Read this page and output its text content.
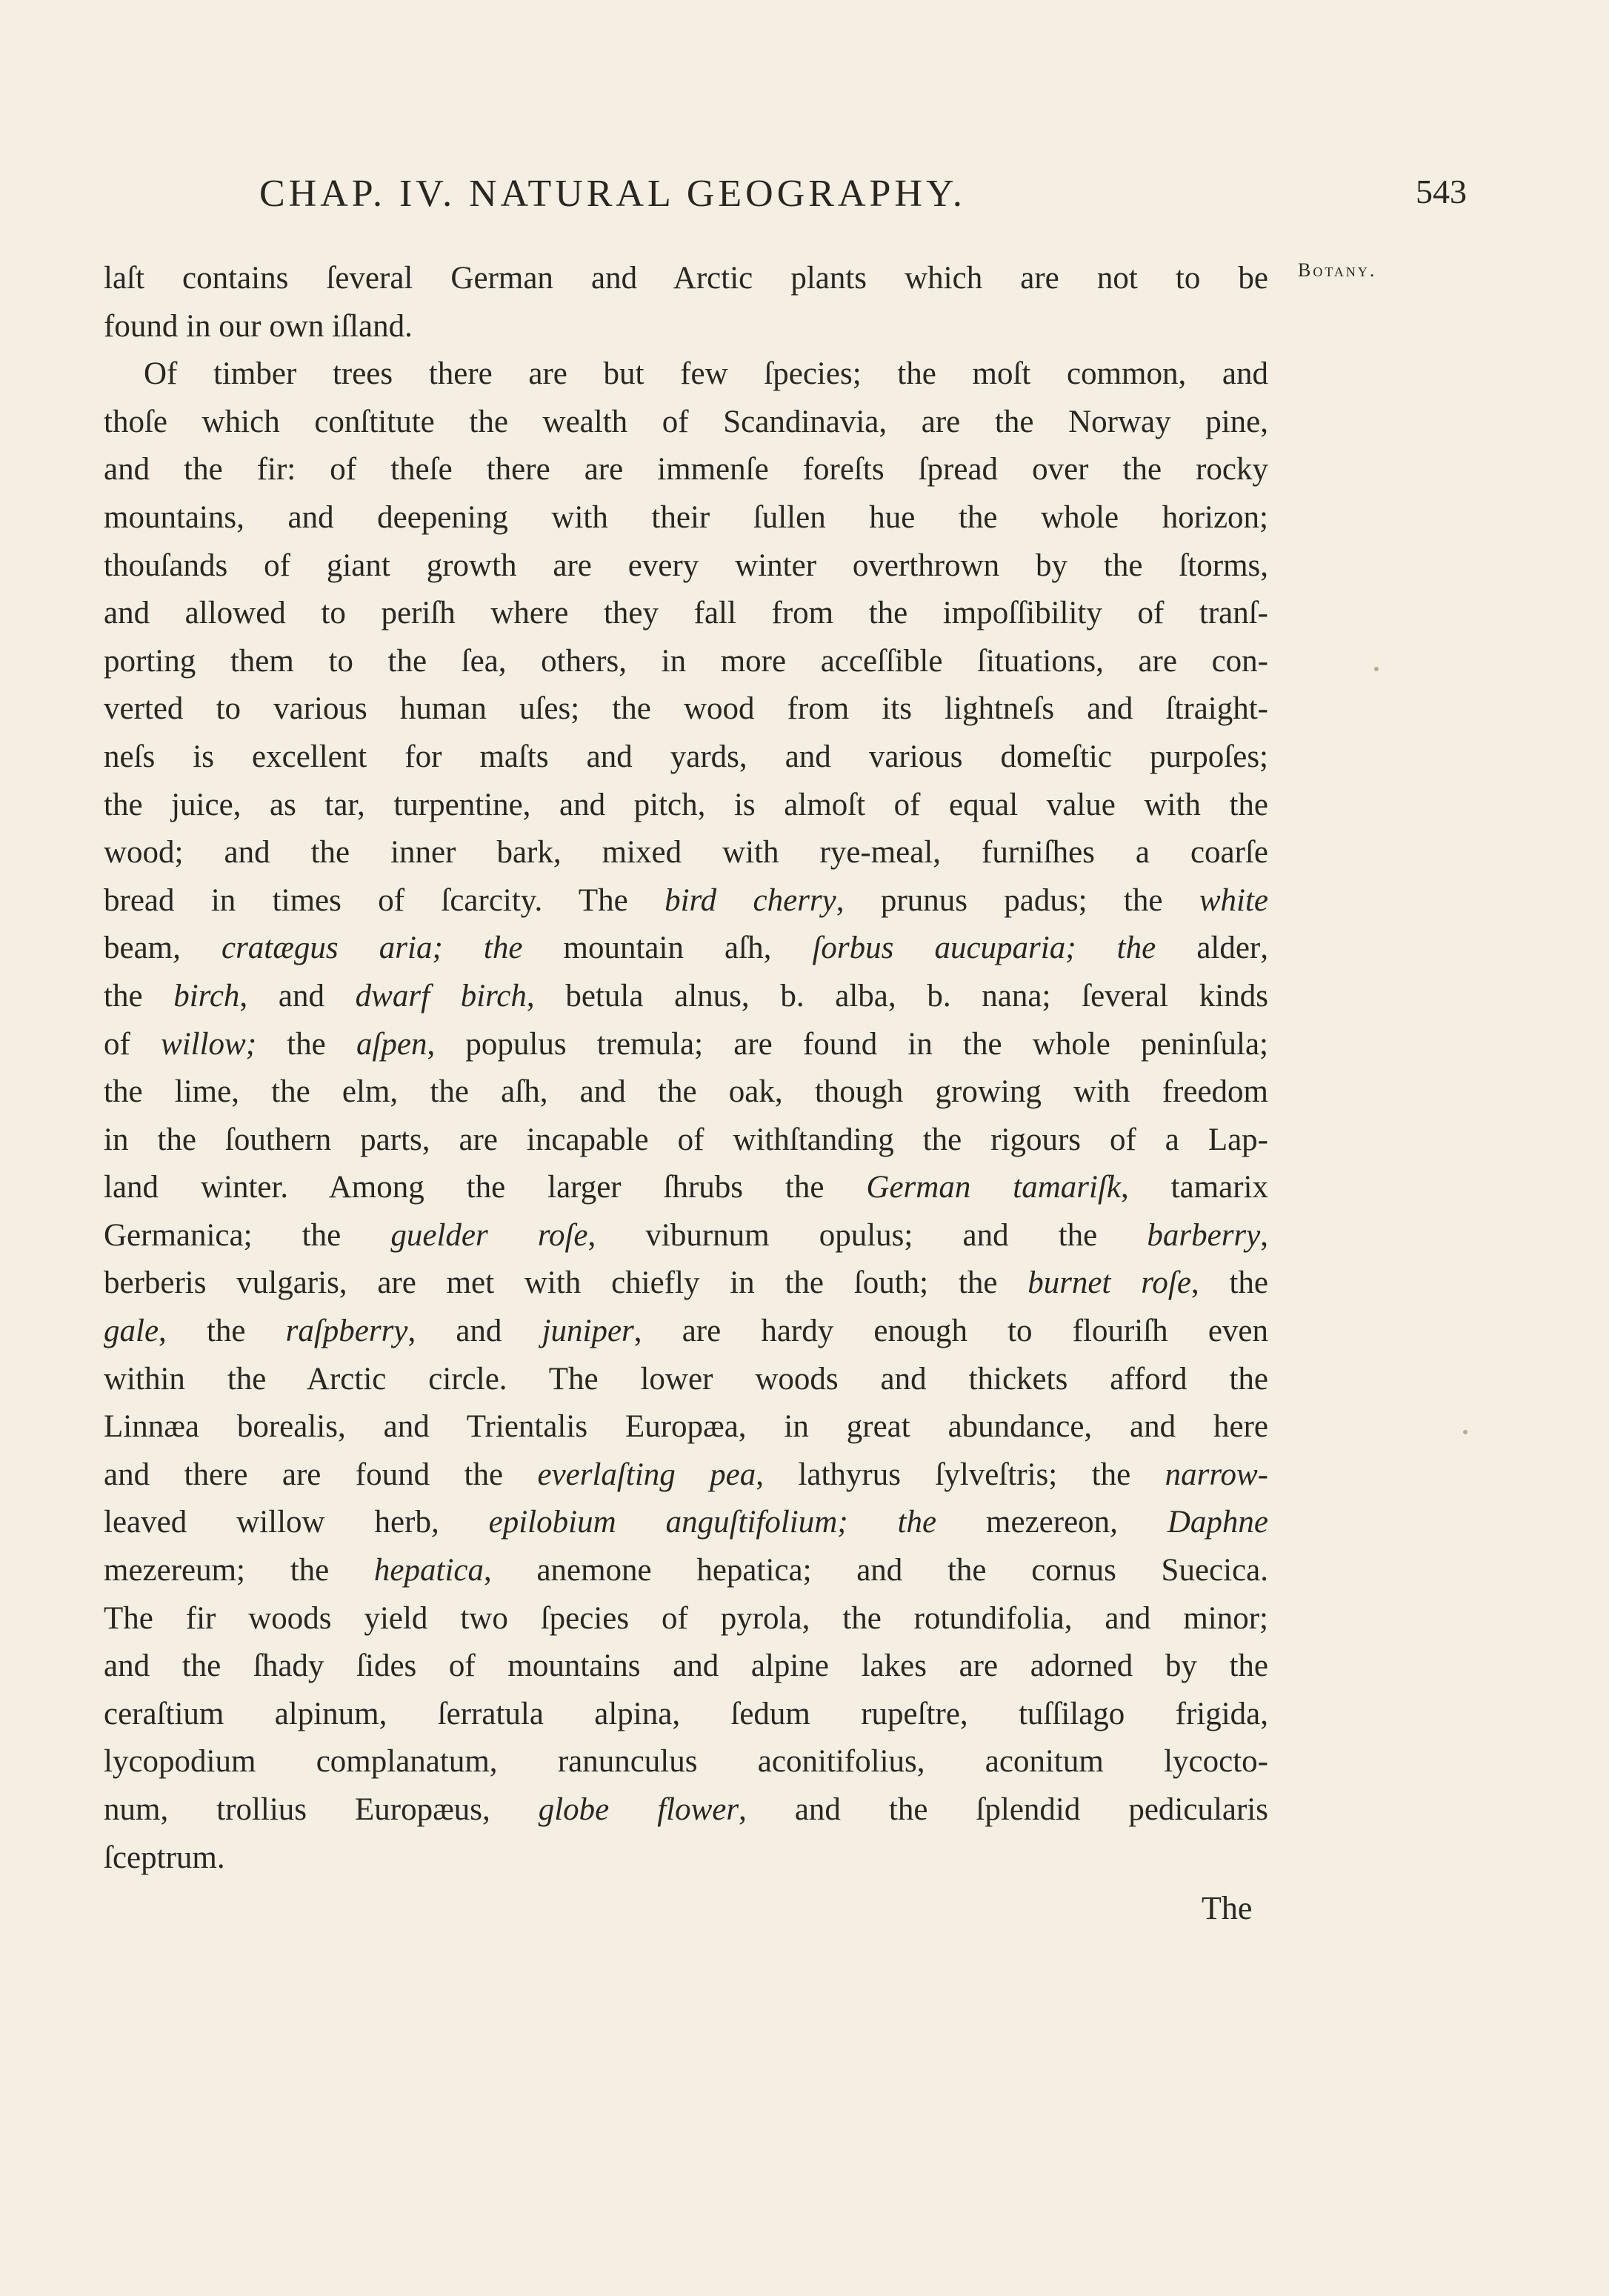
CHAP. IV. NATURAL GEOGRAPHY.	543
Botany.
laſt contains ſeveral German and Arctic plants which are not to be
found in our own iſland.
Of timber trees there are but few ſpecies; the moſt common, and
thoſe which conſtitute the wealth of Scandinavia, are the Norway pine,
and the fir: of theſe there are immenſe foreſts ſpread over the rocky
mountains, and deepening with their ſullen hue the whole horizon;
thouſands of giant growth are every winter overthrown by the ſtorms,
and allowed to periſh where they fall from the impoſſibility of tranſ-
porting them to the ſea, others, in more acceſſible ſituations, are con-
verted to various human uſes; the wood from its lightneſs and ſtraight-
neſs is excellent for maſts and yards, and various domeſtic purpoſes;
the juice, as tar, turpentine, and pitch, is almoſt of equal value with the
wood; and the inner bark, mixed with rye-meal, furniſhes a coarſe
bread in times of ſcarcity. The bird cherry, prunus padus; the white
beam, cratægus aria; the mountain aſh, ſorbus aucuparia; the alder,
the birch, and dwarf birch, betula alnus, b. alba, b. nana; ſeveral kinds
of willow; the aſpen, populus tremula; are found in the whole peninſula;
the lime, the elm, the aſh, and the oak, though growing with freedom
in the ſouthern parts, are incapable of withſtanding the rigours of a Lap-
land winter. Among the larger ſhrubs the German tamariſk, tamarix
Germanica; the guelder roſe, viburnum opulus; and the barberry,
berberis vulgaris, are met with chiefly in the ſouth; the burnet roſe, the
gale, the raſpberry, and juniper, are hardy enough to flouriſh even
within the Arctic circle. The lower woods and thickets afford the
Linnæa borealis, and Trientalis Europæa, in great abundance, and here
and there are found the everlaſting pea, lathyrus ſylveſtris; the narrow-
leaved willow herb, epilobium anguſtifolium; the mezereon, Daphne
mezereum; the hepatica, anemone hepatica; and the cornus Suecica.
The fir woods yield two ſpecies of pyrola, the rotundifolia, and minor;
and the ſhady ſides of mountains and alpine lakes are adorned by the
ceraſtium alpinum, ſerratula alpina, ſedum rupeſtre, tuſſilago frigida,
lycopodium complanatum, ranunculus aconitifolius, aconitum lycocto-
num, trollius Europæus, globe flower, and the ſplendid pedicularis
ſceptrum.
The
